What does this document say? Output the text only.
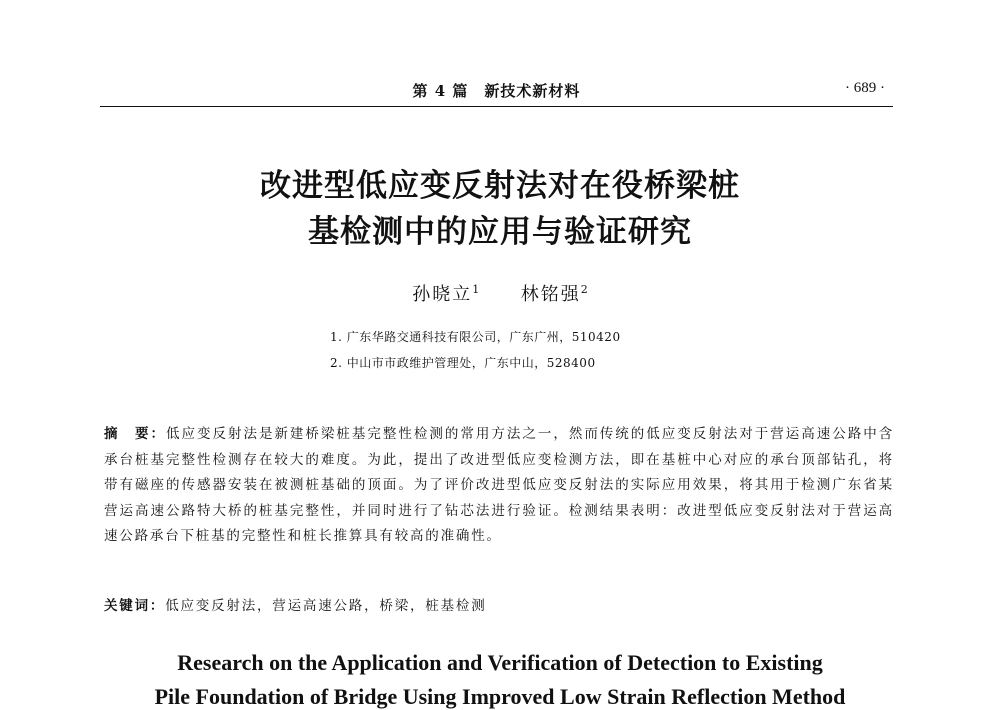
第 4 篇　新技术新材料	· 689 ·
改进型低应变反射法对在役桥梁桩
基检测中的应用与验证研究
孙晓立$^1$ 林铭强$^2$
1. 广东华路交通科技有限公司，广东广州，510420
2. 中山市市政维护管理处，广东中山，528400
摘　要：低应变反射法是新建桥梁桩基完整性检测的常用方法之一，然而传统的低应变反射法对于营运高速公路中含承台桩基完整性检测存在较大的难度。为此，提出了改进型低应变检测方法，即在基桩中心对应的承台顶部钻孔，将带有磁座的传感器安装在被测桩基础的顶面。为了评价改进型低应变反射法的实际应用效果，将其用于检测广东省某营运高速公路特大桥的桩基完整性，并同时进行了钻芯法进行验证。检测结果表明：改进型低应变反射法对于营运高速公路承台下桩基的完整性和桩长推算具有较高的准确性。
关键词：低应变反射法，营运高速公路，桥梁，桩基检测
Research on the Application and Verification of Detection to Existing
Pile Foundation of Bridge Using Improved Low Strain Reflection Method
